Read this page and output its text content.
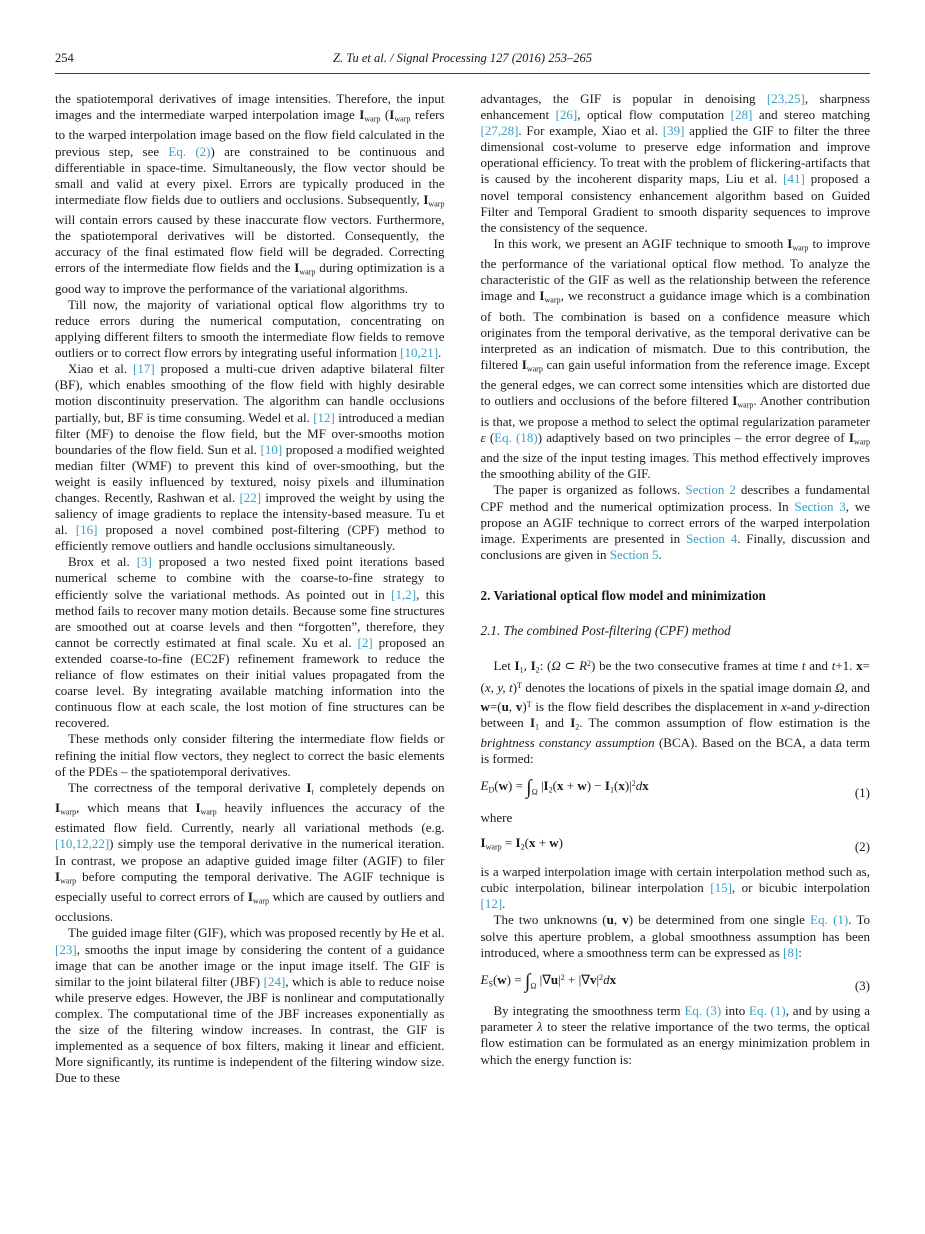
254	Z. Tu et al. / Signal Processing 127 (2016) 253–265

the spatiotemporal derivatives of image intensities. Therefore, the input images and the intermediate warped interpolation image Iwarp (Iwarp refers to the warped interpolation image based on the flow field calculated in the previous step, see Eq. (2)) are constrained to be continuous and differentiable in space-time. Simultaneously, the flow vector should be small and valid at every pixel. Errors are typically produced in the intermediate flow fields due to outliers and occlusions. Subsequently, Iwarp will contain errors caused by these inaccurate flow vectors. Furthermore, the spatiotemporal derivatives will be distorted. Consequently, the accuracy of the final estimated flow field will be degraded. Correcting errors of the intermediate flow fields and the Iwarp during optimization is a good way to improve the performance of the variational algorithms.

Till now, the majority of variational optical flow algorithms try to reduce errors during the numerical computation, concentrating on applying different filters to smooth the intermediate flow fields to remove outliers or to correct flow errors by integrating useful information [10,21].

Xiao et al. [17] proposed a multi-cue driven adaptive bilateral filter (BF), which enables smoothing of the flow field with highly desirable motion discontinuity preservation. The algorithm can handle occlusions partially, but, BF is time consuming. Wedel et al. [12] introduced a median filter (MF) to denoise the flow field, but the MF over-smooths motion boundaries of the flow field. Sun et al. [10] proposed a modified weighted median filter (WMF) to prevent this kind of over-smoothing, but the weight is easily influenced by textured, noisy pixels and illumination changes. Recently, Rashwan et al. [22] improved the weight by using the saliency of image gradients to replace the intensity-based measure. Tu et al. [16] proposed a novel combined post-filtering (CPF) method to efficiently remove outliers and handle occlusions simultaneously.

Brox et al. [3] proposed a two nested fixed point iterations based numerical scheme to combine with the coarse-to-fine strategy to efficiently solve the variational methods. As pointed out in [1,2], this method fails to recover many motion details. Because some fine structures are smoothed out at coarse levels and then “forgotten”, therefore, they cannot be correctly estimated at final scale. Xu et al. [2] proposed an extended coarse-to-fine (EC2F) refinement framework to reduce the reliance of flow estimates on their initial values propagated from the coarse level. By integrating available matching information into the continuous flow at each scale, the lost motion of fine structures can be recovered.

These methods only consider filtering the intermediate flow fields or refining the initial flow vectors, they neglect to correct the basic elements of the PDEs – the spatiotemporal derivatives.

The correctness of the temporal derivative It completely depends on Iwarp, which means that Iwarp heavily influences the accuracy of the estimated flow field. Currently, nearly all variational methods (e.g. [10,12,22]) simply use the temporal derivative in the numerical iteration. In contrast, we propose an adaptive guided image filter (AGIF) to filer Iwarp before computing the temporal derivative. The AGIF technique is especially useful to correct errors of Iwarp which are caused by outliers and occlusions.

The guided image filter (GIF), which was proposed recently by He et al. [23], smooths the input image by considering the content of a guidance image that can be another image or the input image itself. The GIF is similar to the joint bilateral filter (JBF) [24], which is able to reduce noise while preserve edges. However, the JBF is nonlinear and computationally complex. The computational time of the JBF increases exponentially as the size of the filtering window increases. In contrast, the GIF is implemented as a sequence of box filters, making it linear and efficient. More significantly, its runtime is independent of the filtering window size. Due to these

advantages, the GIF is popular in denoising [23,25], sharpness enhancement [26], optical flow computation [28] and stereo matching [27,28]. For example, Xiao et al. [39] applied the GIF to filter the three dimensional cost-volume to preserve edge information and improve operational efficiency. To treat with the problem of flickering-artifacts that is caused by the incoherent disparity maps, Liu et al. [41] proposed a novel temporal consistency enhancement algorithm based on Guided Filter and Temporal Gradient to smooth disparity sequences to improve the consistency of the sequence.

In this work, we present an AGIF technique to smooth Iwarp to improve the performance of the variational optical flow method. To analyze the characteristic of the GIF as well as the relationship between the reference image and Iwarp, we reconstruct a guidance image which is a combination of both. The combination is based on a confidence measure which originates from the temporal derivative, as the temporal derivative can be interpreted as an indication of mismatch. Due to this contribution, the filtered Iwarp can gain useful information from the reference image. Except the general edges, we can correct some intensities which are distorted due to outliers and occlusions of the before filtered Iwarp. Another contribution is that, we propose a method to select the optimal regularization parameter ε (Eq. (18)) adaptively based on two principles – the error degree of Iwarp and the size of the input testing images. This method effectively improves the smoothing ability of the GIF.

The paper is organized as follows. Section 2 describes a fundamental CPF method and the numerical optimization process. In Section 3, we propose an AGIF technique to correct errors of the warped interpolation image. Experiments are presented in Section 4. Finally, discussion and conclusions are given in Section 5.

2. Variational optical flow model and minimization
2.1. The combined Post-filtering (CPF) method

Let I1, I2: (Ω ⊂ $R^2$) be the two consecutive frames at time t and t+1. x=(x, y, t)$^T$ denotes the locations of pixels in the spatial image domain Ω, and w=(u, v)$^T$ is the flow field describes the displacement in x-and y-direction between I1 and I2. The common assumption of flow estimation is the brightness constancy assumption (BCA). Based on the BCA, a data term is formed:

$ED(w) = \int_\Omega$ $|I2(x + w) - I1(x)|^2dx$	(1)

where

Iwarp = I2(x + w)	(2)

is a warped interpolation image with certain interpolation method such as, cubic interpolation, bilinear interpolation [15], or bicubic interpolation [12].

The two unknowns (u, v) be determined from one single Eq. (1). To solve this aperture problem, a global smoothness assumption has been introduced, where a smoothness term can be expressed as [8]:

$ES(w) = \int_\Omega$ $|\nabla u|^2 + |\nabla v|^2dx$	(3)

By integrating the smoothness term Eq. (3) into Eq. (1), and by using a parameter λ to steer the relative importance of the two terms, the optical flow estimation can be formulated as an energy minimization problem in which the energy function is:
